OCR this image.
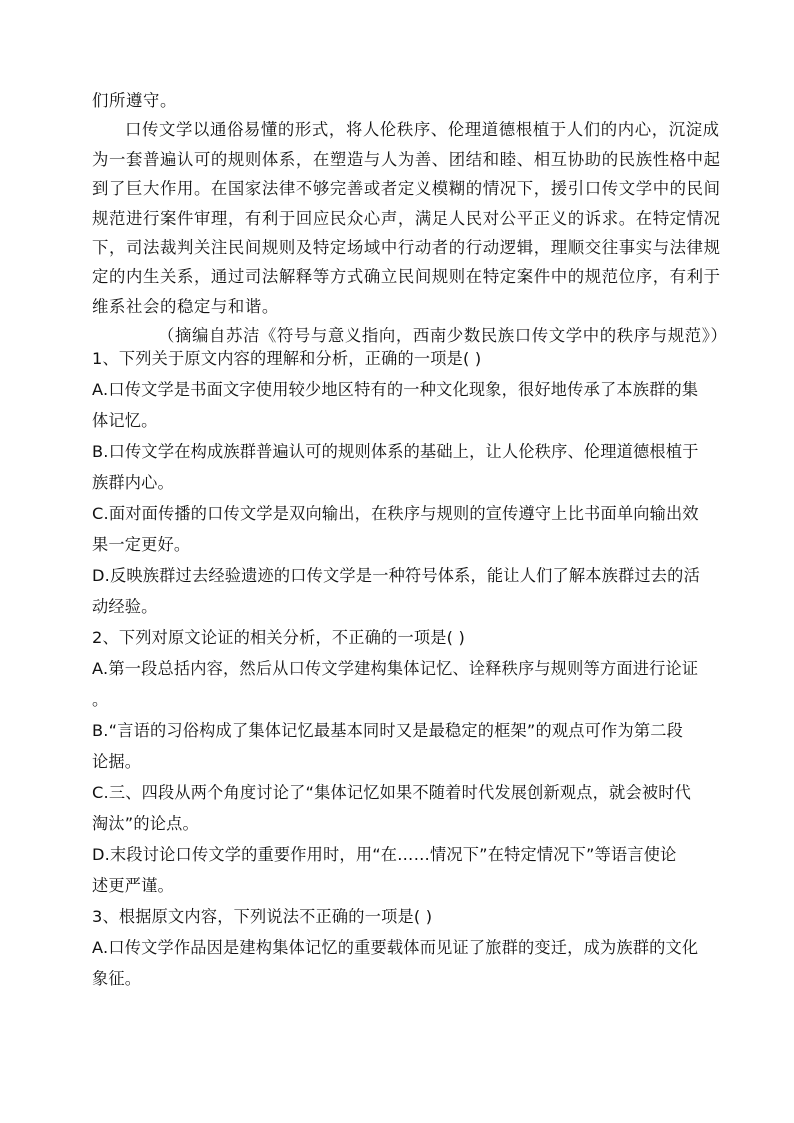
们所遵守。

口传文学以通俗易懂的形式，将人伦秩序、伦理道德根植于人们的内心，沉淀成

为一套普遍认可的规则体系，在塑造与人为善、团结和睦、相互协助的民族性格中起

到了巨大作用。在国家法律不够完善或者定义模糊的情况下，援引口传文学中的民间

规范进行案件审理，有利于回应民众心声，满足人民对公平正义的诉求。在特定情况

下，司法裁判关注民间规则及特定场域中行动者的行动逻辑，理顺交往事实与法律规

定的内生关系，通过司法解释等方式确立民间规则在特定案件中的规范位序，有利于

维系社会的稳定与和谐。

（摘编自苏洁《符号与意义指向，西南少数民族口传文学中的秩序与规范》）

1、下列关于原文内容的理解和分析，正确的一项是( )

A.口传文学是书面文字使用较少地区特有的一种文化现象，很好地传承了本族群的集

体记忆。

B.口传文学在构成族群普遍认可的规则体系的基础上，让人伦秩序、伦理道德根植于

族群内心。

C.面对面传播的口传文学是双向输出，在秩序与规则的宣传遵守上比书面单向输出效

果一定更好。

D.反映族群过去经验遗迹的口传文学是一种符号体系，能让人们了解本族群过去的活

动经验。

2、下列对原文论证的相关分析，不正确的一项是( )

A.第一段总括内容，然后从口传文学建构集体记忆、诠释秩序与规则等方面进行论证

。

B.“言语的习俗构成了集体记忆最基本同时又是最稳定的框架”的观点可作为第二段

论据。

C.三、四段从两个角度讨论了“集体记忆如果不随着时代发展创新观点，就会被时代

淘汰”的论点。

D.末段讨论口传文学的重要作用时，用“在……情况下”在特定情况下”等语言使论

述更严谨。

3、根据原文内容，下列说法不正确的一项是( )

A.口传文学作品因是建构集体记忆的重要载体而见证了旅群的变迁，成为族群的文化

象征。
